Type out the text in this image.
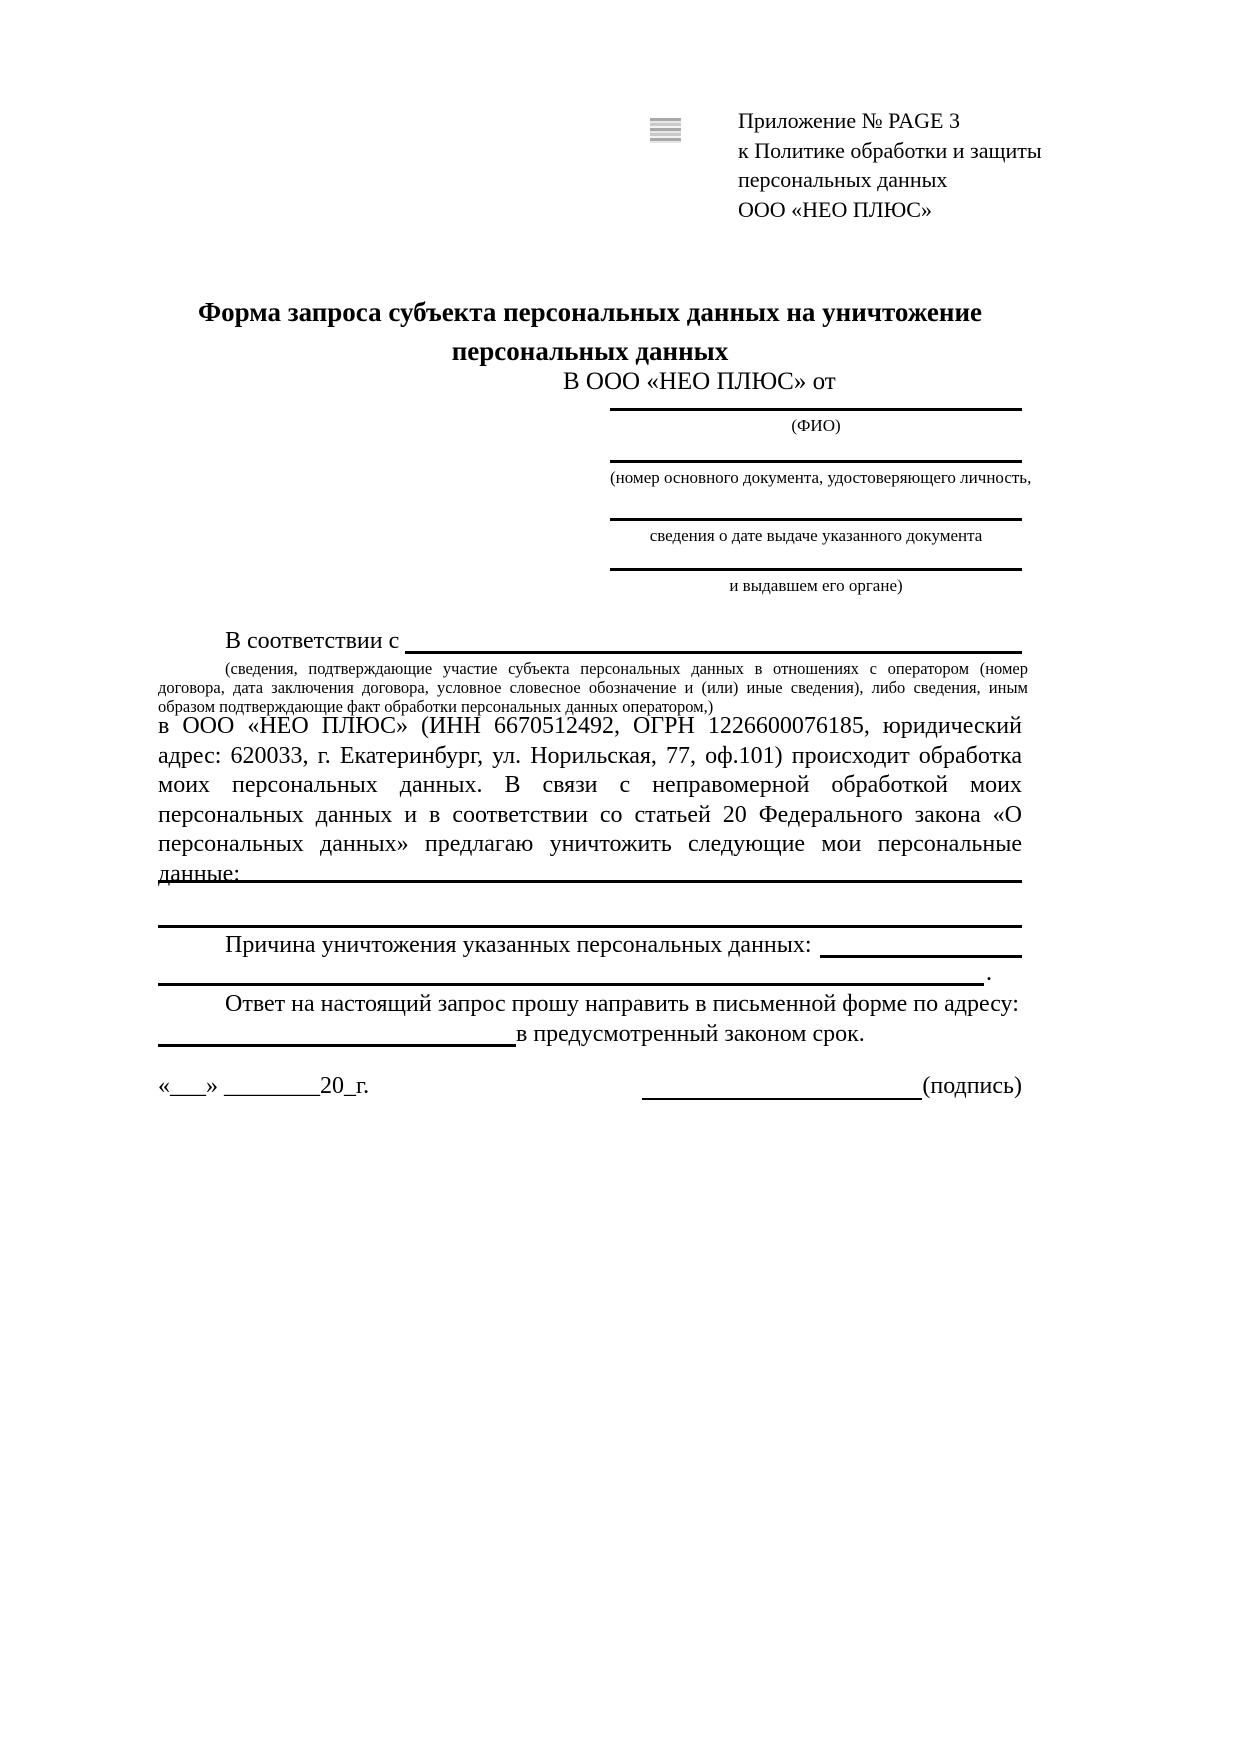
Приложение № PAGE 3
к Политике обработки и защиты
персональных данных
ООО «НЕО ПЛЮС»
Форма запроса субъекта персональных данных на уничтожение персональных данных
В ООО «НЕО ПЛЮС» от
(ФИО)
(номер основного документа, удостоверяющего личность,
сведения о дате выдаче указанного документа
и выдавшем его органе)
В соответствии с

(сведения, подтверждающие участие субъекта персональных данных в отношениях с оператором (номер договора, дата заключения договора, условное словесное обозначение и (или) иные сведения), либо сведения, иным образом подтверждающие факт обработки персональных данных оператором,)

в ООО «НЕО ПЛЮС» (ИНН 6670512492, ОГРН 1226600076185, юридический адрес: 620033, г. Екатеринбург, ул. Норильская, 77, оф.101) происходит обработка моих персональных данных. В связи с неправомерной обработкой моих персональных данных и в соответствии со статьей 20 Федерального закона «О персональных данных» предлагаю уничтожить следующие мои персональные данные:

Причина уничтожения указанных персональных данных:
.
Ответ на настоящий запрос прошу направить в письменной форме по адресу:
в предусмотренный законом срок.
«___» ________20_г.	(подпись)
